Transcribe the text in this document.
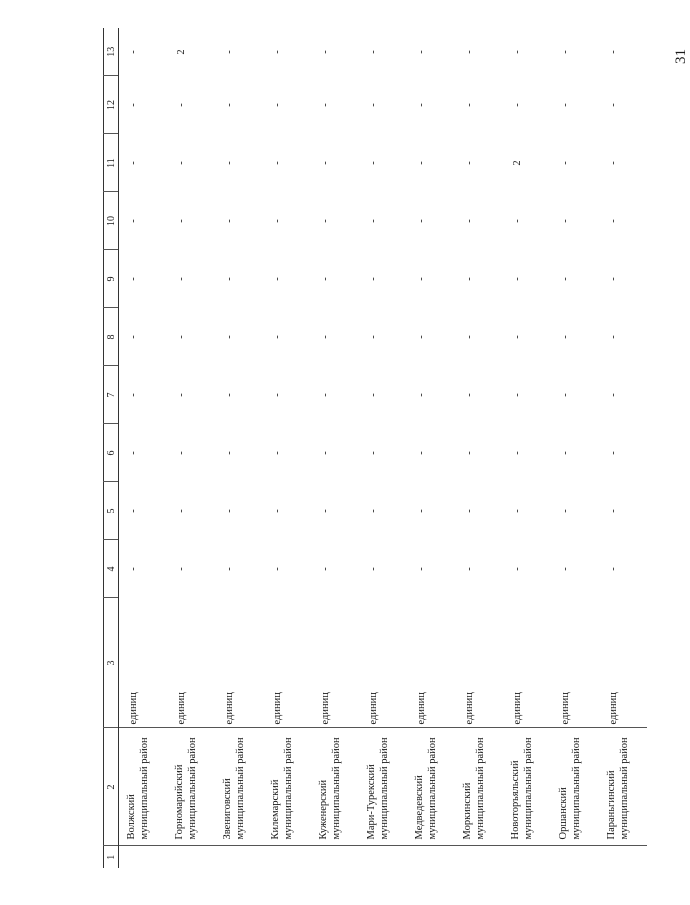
31
1	2	3	4	5	6	7	8	9	10	11	12	13

	Волжский муниципальный район	единиц	-	-	-	-	-	-	-	-	-	-

	Горномарийский муниципальный район	единиц	-	-	-	-	-	-	-	-	-	2

	Звениговский муниципальный район	единиц	-	-	-	-	-	-	-	-	-	-

	Килемарский муниципальный район	единиц	-	-	-	-	-	-	-	-	-	-

	Куженерский муниципальный район	единиц	-	-	-	-	-	-	-	-	-	-

	Мари-Турекский муниципальный район	единиц	-	-	-	-	-	-	-	-	-	-

	Медведевский муниципальный район	единиц	-	-	-	-	-	-	-	-	-	-

	Моркинский муниципальный район	единиц	-	-	-	-	-	-	-	-	-	-

	Новоторъяльский муниципальный район	единиц	-	-	-	-	-	-	-	2	-	-

	Оршанский муниципальный район	единиц	-	-	-	-	-	-	-	-	-	-

	Параньгинский муниципальный район	единиц	-	-	-	-	-	-	-	-	-	-
